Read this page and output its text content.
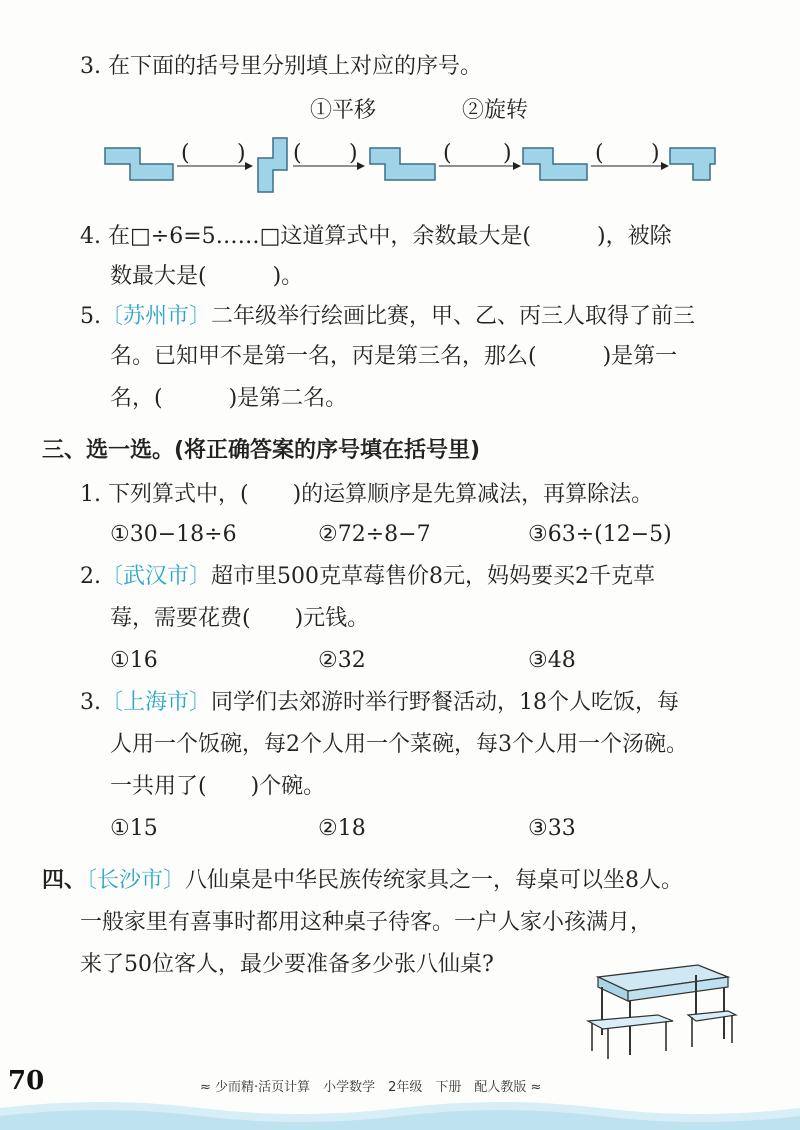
3. 在下面的括号里分别填上对应的序号。
①平移	②旋转
( ) ( )	( )	( )
4. 在□÷6=5……□这道算式中，余数最大是(　　　)，被除
数最大是(　　　)。
5.〔苏州市〕二年级举行绘画比赛，甲、乙、丙三人取得了前三
名。已知甲不是第一名，丙是第三名，那么(　　　)是第一
名，(　　　)是第二名。
三、选一选。(将正确答案的序号填在括号里)
1. 下列算式中，(　　)的运算顺序是先算减法，再算除法。
①30−18÷6	②72÷8−7	③63÷(12−5)
2.〔武汉市〕超市里500克草莓售价8元，妈妈要买2千克草
莓，需要花费(　　)元钱。
①16	②32	③48
3.〔上海市〕同学们去郊游时举行野餐活动，18个人吃饭，每
人用一个饭碗，每2个人用一个菜碗，每3个人用一个汤碗。
一共用了(　　)个碗。
①15	②18	③33
四、〔长沙市〕八仙桌是中华民族传统家具之一，每桌可以坐8人。
一般家里有喜事时都用这种桌子待客。一户人家小孩满月，
来了50位客人，最少要准备多少张八仙桌?
70	≈ 少而精·活页计算　小学数学　2年级　下册　配人教版 ≈
